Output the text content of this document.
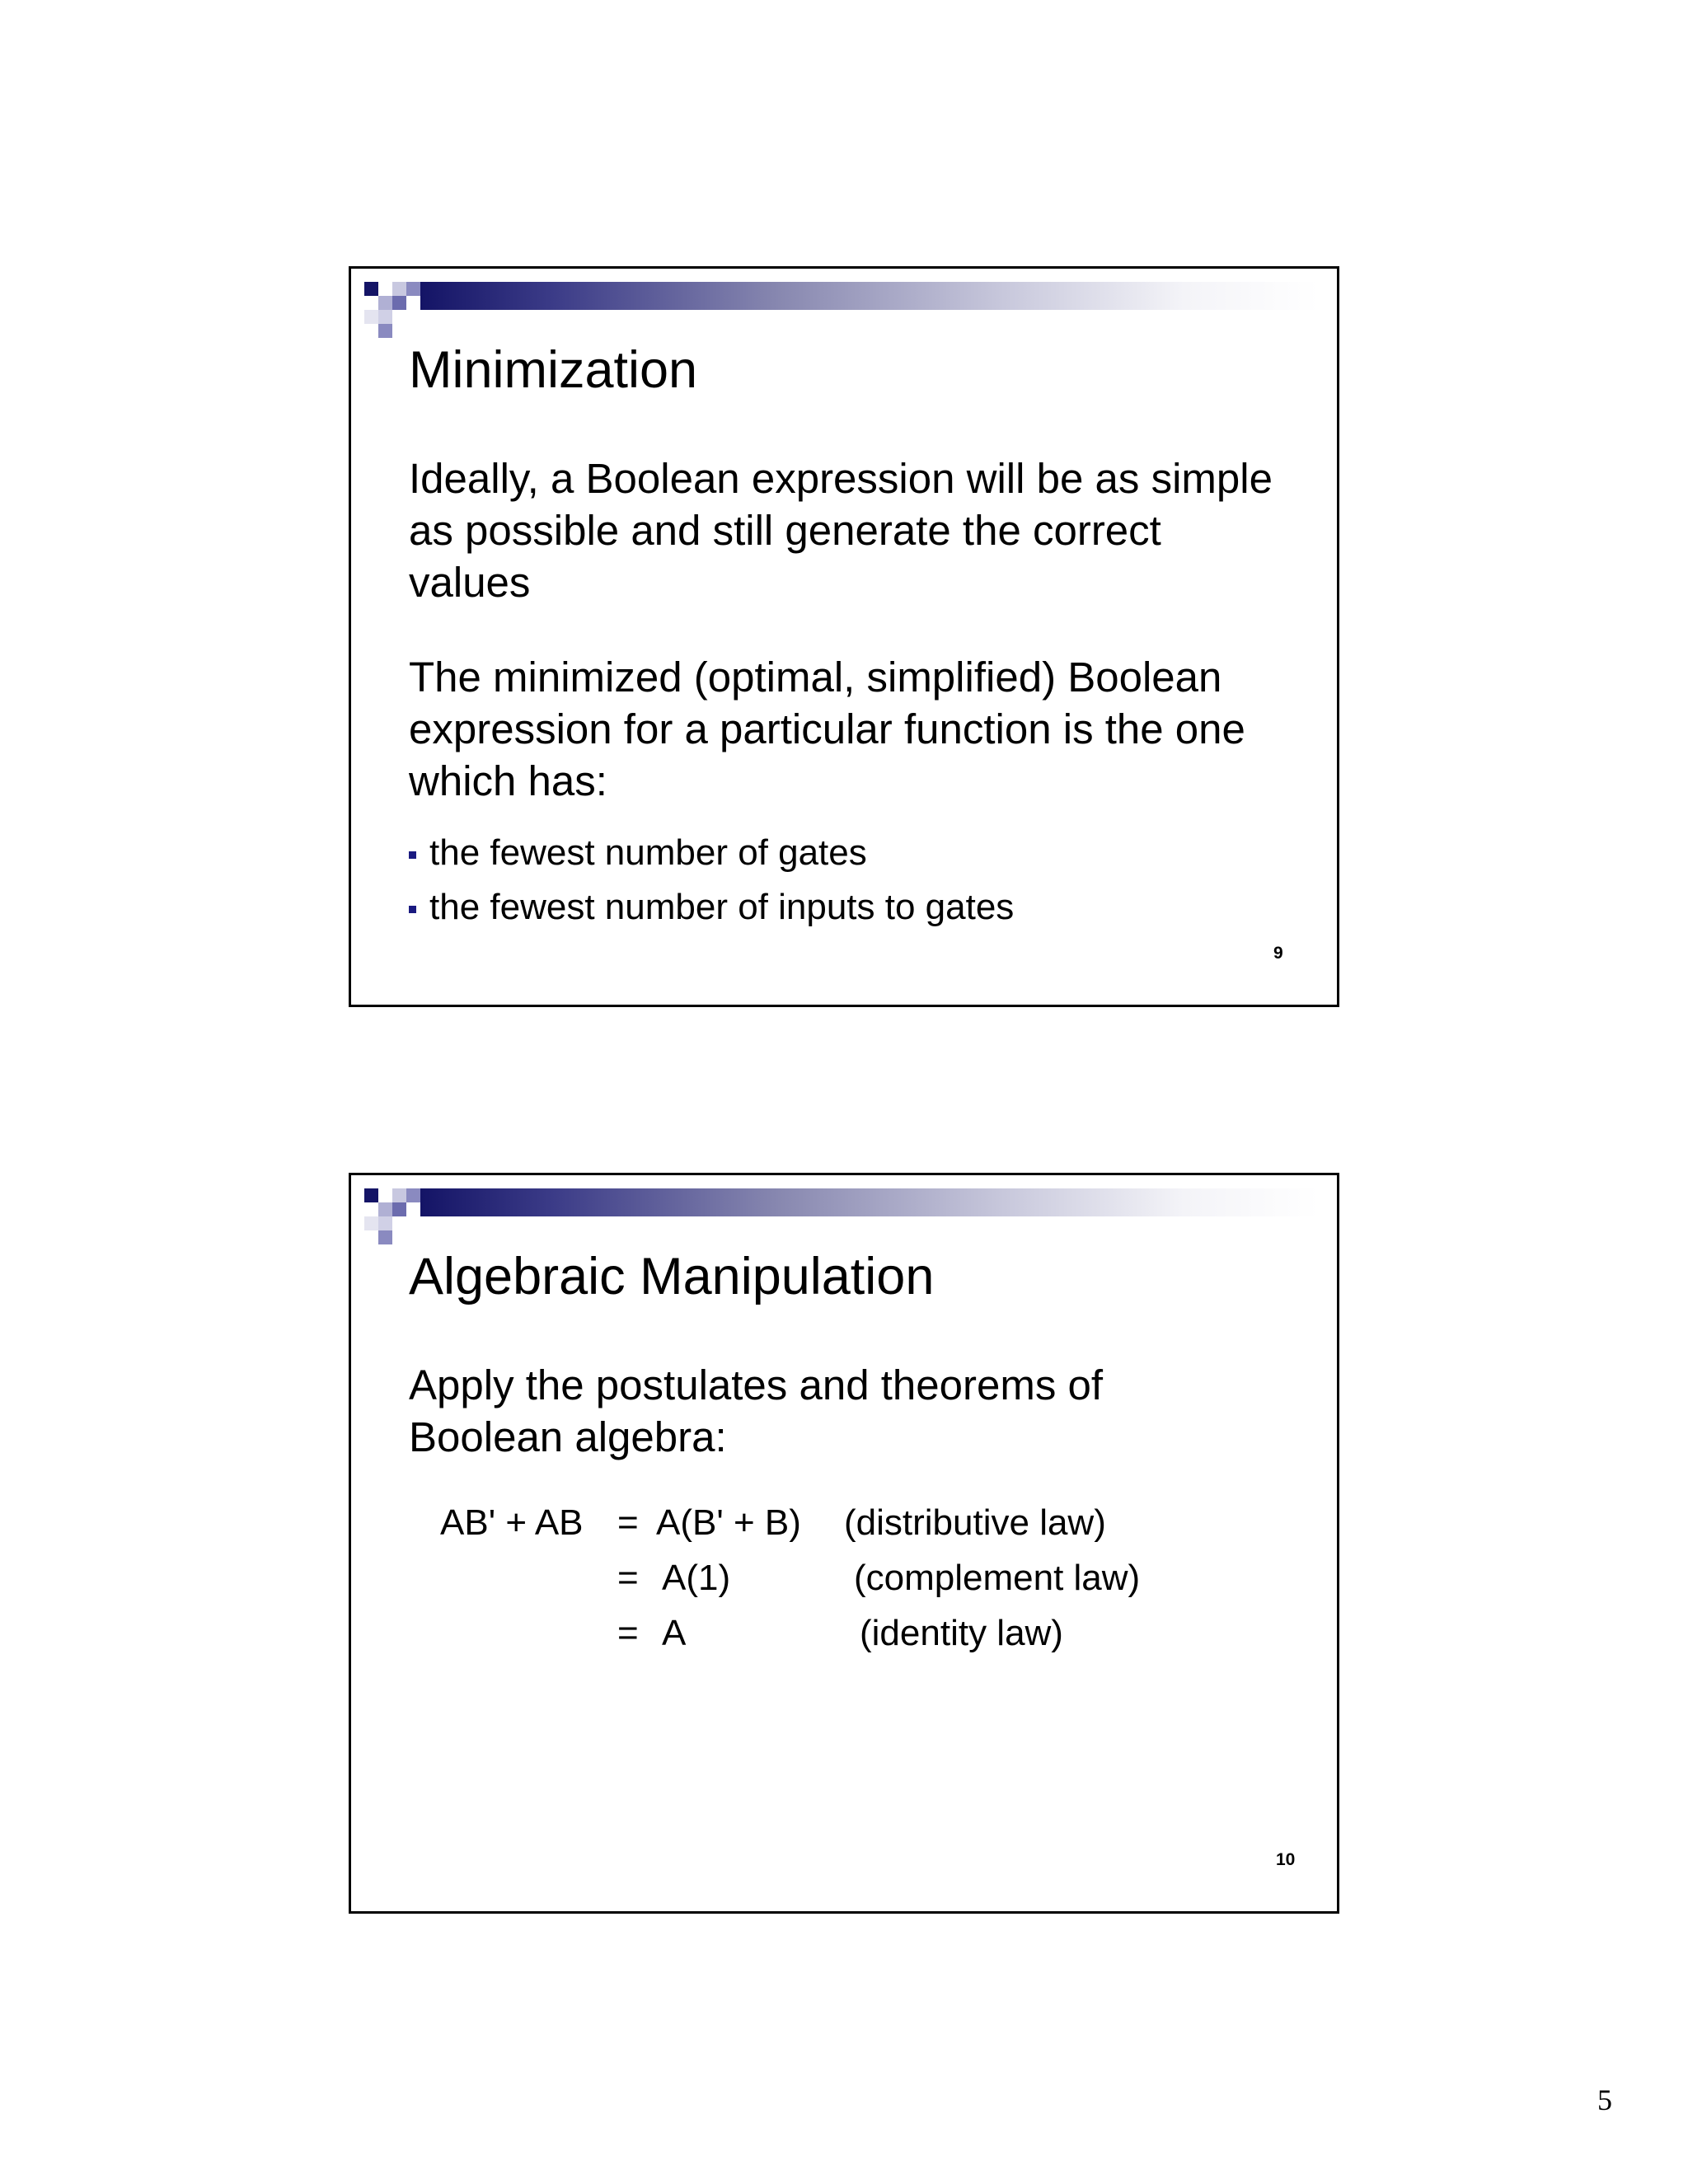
Minimization

Ideally, a Boolean expression will be as simple as possible and still generate the correct values

The minimized (optimal, simplified) Boolean expression for a particular function is the one which has:

the fewest number of gates
the fewest number of inputs to gates
9
Algebraic Manipulation

Apply the postulates and theorems of Boolean algebra:

AB' + AB = A(B' + B) (distributive law)
= A(1)	(complement law)
= A	(identity law)
10
5
